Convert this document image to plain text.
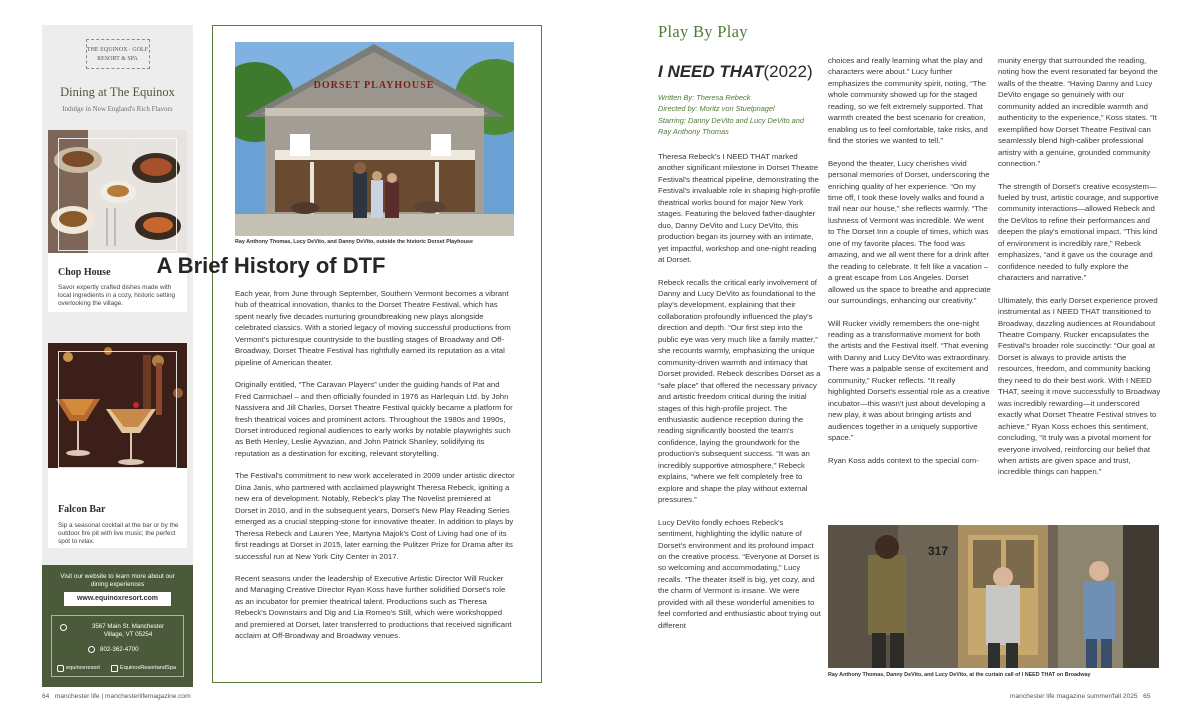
THE EQUINOX · GOLF RESORT & SPA
Dining at The Equinox
Indulge in New England's Rich Flavors
Chop House
Savor expertly crafted dishes made with local ingredients in a cozy, historic setting overlooking the village.
Falcon Bar
Sip a seasonal cocktail at the bar or by the outdoor fire pit with live music; the perfect spot to relax.
Visit our website to learn more about our dining experiences
www.equinoxresort.com
3567 Main St. Manchester
Village, VT 05254
802-362-4700
equinoxresort	EquinoxResortandSpa
DORSET PLAYHOUSE
Ray Anthony Thomas, Lucy DeVito, and Danny DeVito, outside the historic Dorset Playhouse
A Brief History of DTF

Each year, from June through September, Southern Vermont becomes a vibrant hub of theatrical innovation, thanks to the Dorset Theatre Festival, which has spent nearly five decades nurturing groundbreaking new plays alongside celebrated classics. With a storied legacy of moving successful productions from Vermont's picturesque countryside to the bustling stages of Broadway and Off-Broadway, Dorset Theatre Festival has rightfully earned its reputation as a vital pipeline of American theater.

Originally entitled, “The Caravan Players” under the guiding hands of Pat and Fred Carmichael – and then officially founded in 1976 as Harlequin Ltd. by John Nassivera and Jill Charles, Dorset Theatre Festival quickly became a platform for fresh theatrical voices and prominent actors. Throughout the 1980s and 1990s, Dorset introduced regional audiences to early works by notable playwrights such as Beth Henley, Leslie Ayvazian, and John Patrick Shanley, solidifying its reputation as a destination for exciting, relevant storytelling.

The Festival's commitment to new work accelerated in 2009 under artistic director Dina Janis, who partnered with acclaimed playwright Theresa Rebeck, igniting a new era of development. Notably, Rebeck's play The Novelist premiered at Dorset in 2010, and in the subsequent years, Dorset's New Play Reading Series emerged as a crucial stepping-stone for innovative theater. In addition to plays by Theresa Rebeck and Lauren Yee, Martyna Majok's Cost of Living had one of its first readings at Dorset in 2015, later earning the Pulitzer Prize for Drama after its successful run at New York City Center in 2017.

Recent seasons under the leadership of Executive Artistic Director Will Rucker and Managing Creative Director Ryan Koss have further solidified Dorset's role as an incubator for premier theatrical talent. Productions such as Theresa Rebeck's Downstairs and Dig and Lia Romeo's Still, which were workshopped and premiered at Dorset, later transferred to productions that received significant acclaim at Off-Broadway and Broadway venues.

Play By Play
I NEED THAT(2022)
Written By: Theresa Rebeck
Directed by: Moritz von Stuelpnagel
Starring: Danny DeVito and Lucy DeVito and Ray Anthony Thomas

Theresa Rebeck's I NEED THAT marked another significant milestone in Dorset Theatre Festival's theatrical pipeline, demonstrating the Festival's invaluable role in shaping high-profile theatrical works bound for major New York stages. Featuring the beloved father-daughter duo, Danny DeVito and Lucy DeVito, this production began its journey with an intimate, yet impactful, workshop and one-night reading at Dorset.

Rebeck recalls the critical early involvement of Danny and Lucy DeVito as foundational to the play's development, explaining that their collaboration profoundly influenced the play's direction and depth. “Our first step into the public eye was very much like a family matter,” she recounts warmly, emphasizing the unique community-driven warmth and intimacy that Dorset provided. Rebeck describes Dorset as a “safe place” that offered the necessary privacy and artistic freedom critical during the initial stages of this high-profile project. The enthusiastic audience reception during the reading significantly boosted the team's confidence, laying the groundwork for the production's subsequent success. “It was an incredibly supportive atmosphere,” Rebeck explains, “where we felt completely free to explore and shape the play without external pressures.”

Lucy DeVito fondly echoes Rebeck's sentiment, highlighting the idyllic nature of Dorset's environment and its profound impact on the creative process. “Everyone at Dorset is so welcoming and accommodating,” Lucy recalls. “The theater itself is big, yet cozy, and the charm of Vermont is insane. We were provided with all these wonderful amenities to feel comforted and enthusiastic about trying out different

choices and really learning what the play and characters were about.” Lucy further emphasizes the community spirit, noting, “The whole community showed up for the staged reading, so we felt extremely supported. That warmth created the best scenario for creation, enabling us to feel comfortable, take risks, and find the stories we wanted to tell.”

Beyond the theater, Lucy cherishes vivid personal memories of Dorset, underscoring the enriching quality of her experience. “On my time off, I took these lovely walks and found a trail near our house,” she reflects warmly. “The lushness of Vermont was incredible. We went to The Dorset Inn a couple of times, which was one of my favorite places. The food was amazing, and we all went there for a drink after the reading to celebrate. It felt like a vacation – a great escape from Los Angeles. Dorset allowed us the space to breathe and appreciate our surroundings, enhancing our creativity.”

Will Rucker vividly remembers the one-night reading as a transformative moment for both the artists and the Festival itself. “That evening with Danny and Lucy DeVito was extraordinary. There was a palpable sense of excitement and community,” Rucker reflects. “It really highlighted Dorset's essential role as a creative incubator—this wasn't just about developing a new play, it was about bringing artists and audiences together in a uniquely supportive space.”

Ryan Koss adds context to the special com-

munity energy that surrounded the reading, noting how the event resonated far beyond the walls of the theatre. “Having Danny and Lucy DeVito engage so genuinely with our community added an incredible warmth and authenticity to the experience,” Koss states. “It exemplified how Dorset Theatre Festival can seamlessly blend high-caliber professional artistry with a genuine, grounded community connection.”

The strength of Dorset's creative ecosystem—fueled by trust, artistic courage, and supportive community interactions—allowed Rebeck and the DeVitos to refine their performances and deepen the play's emotional impact. “This kind of environment is incredibly rare,” Rebeck emphasizes, “and it gave us the courage and confidence needed to fully explore the characters and narrative.”

Ultimately, this early Dorset experience proved instrumental as I NEED THAT transitioned to Broadway, dazzling audiences at Roundabout Theatre Company. Rucker encapsulates the Festival's broader role succinctly: “Our goal at Dorset is always to provide artists the resources, freedom, and community backing they need to do their best work. With I NEED THAT, seeing it move successfully to Broadway was incredibly rewarding—it underscored exactly what Dorset Theatre Festival strives to achieve.” Ryan Koss echoes this sentiment, concluding, “It truly was a pivotal moment for everyone involved, reinforcing our belief that when artists are given space and trust, incredible things can happen.”

317
Ray Anthony Thomas, Danny DeVito, and Lucy DeVito, at the curtain call of I NEED THAT on Broadway
64 manchester life | manchesterlifemagazine.com	manchester life magazine summer/fall 2025 65
